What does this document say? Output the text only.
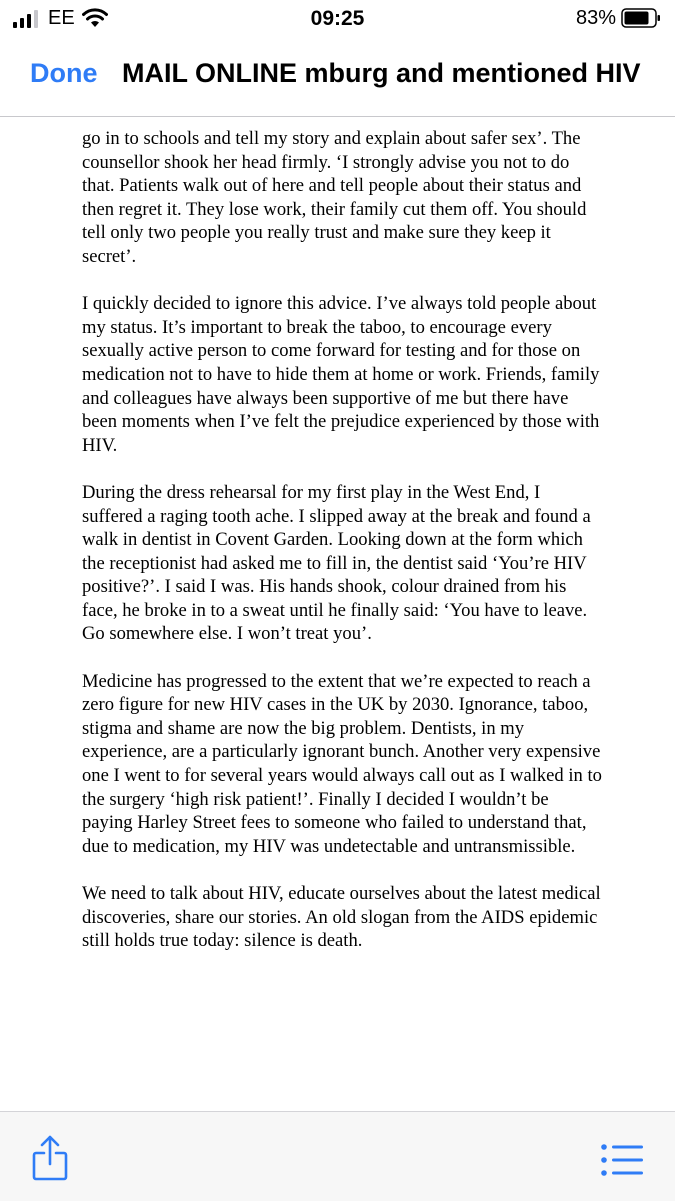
EE	09:25	83%
Done MAIL ONLINE mburg and mentioned HIV

go in to schools and tell my story and explain about safer sex’. The counsellor shook her head firmly. ‘I strongly advise you not to do that. Patients walk out of here and tell people about their status and then regret it. They lose work, their family cut them off. You should tell only two people you really trust and make sure they keep it secret’.

I quickly decided to ignore this advice. I’ve always told people about my status. It’s important to break the taboo, to encourage every sexually active person to come forward for testing and for those on medication not to have to hide them at home or work. Friends, family and colleagues have always been supportive of me but there have been moments when I’ve felt the prejudice experienced by those with HIV.

During the dress rehearsal for my first play in the West End, I suffered a raging tooth ache. I slipped away at the break and found a walk in dentist in Covent Garden. Looking down at the form which the receptionist had asked me to fill in, the dentist said ‘You’re HIV positive?’. I said I was. His hands shook, colour drained from his face, he broke in to a sweat until he finally said: ‘You have to leave. Go somewhere else. I won’t treat you’.

Medicine has progressed to the extent that we’re expected to reach a zero figure for new HIV cases in the UK by 2030. Ignorance, taboo, stigma and shame are now the big problem. Dentists, in my experience, are a particularly ignorant bunch. Another very expensive one I went to for several years would always call out as I walked in to the surgery ‘high risk patient!’. Finally I decided I wouldn’t be paying Harley Street fees to someone who failed to understand that, due to medication, my HIV was undetectable and untransmissible.

We need to talk about HIV, educate ourselves about the latest medical discoveries, share our stories. An old slogan from the AIDS epidemic still holds true today: silence is death.
